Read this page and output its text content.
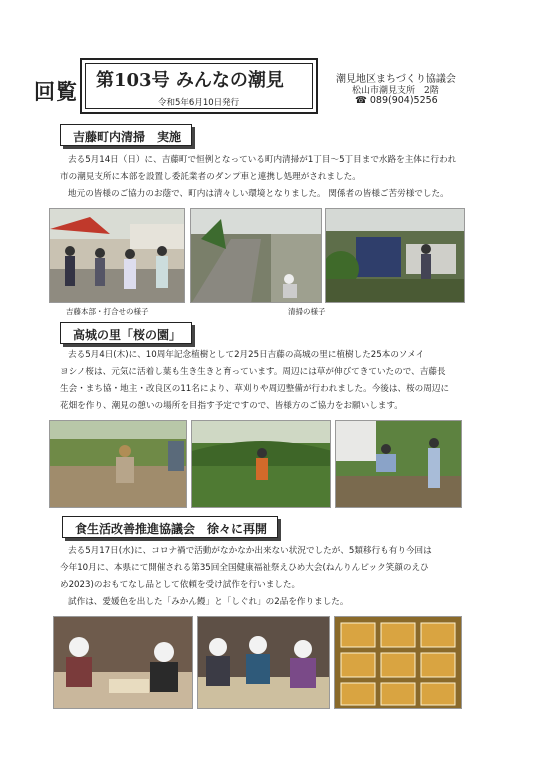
回覧 第103号 みんなの潮見
令和5年6月10日発行
潮見地区まちづくり協議会
松山市潮見支所　2階
☎ 089(904)5256
吉藤町内清掃　実施
去る5月14日（日）に、吉藤町で恒例となっている町内清掃が1丁目～5丁目まで水路を主体に行われ
市の潮見支所に本部を設置し委託業者のダンプ車と連携し処理がされました。
地元の皆様のご協力のお蔭で、町内は清々しい環境となりました。 関係者の皆様ご苦労様でした。
吉藤本部・打合せの様子	清掃の様子
高城の里「桜の園」
去る5月4日(木)に、10周年記念植樹として2月25日吉藤の高城の里に植樹した25本のソメイ
ヨシノ桜は、元気に活着し葉も生き生きと育っています。周辺には草が伸びてきていたので、吉藤長
生会・まち協・地主・改良区の11名により、草刈りや周辺整備が行われました。今後は、桜の周辺に
花畑を作り、潮見の憩いの場所を目指す予定ですので、皆様方のご協力をお願いします。
食生活改善推進協議会　徐々に再開
去る5月17日(水)に、コロナ禍で活動がなかなか出来ない状況でしたが、5類移行も有り今回は
今年10月に、本県にて開催される第35回全国健康福祉祭えひめ大会(ねんりんピック笑顔のえひ
め2023)のおもてなし品として依頼を受け試作を行いました。
試作は、愛媛色を出した「みかん饅」と「しぐれ」の2品を作りました。
